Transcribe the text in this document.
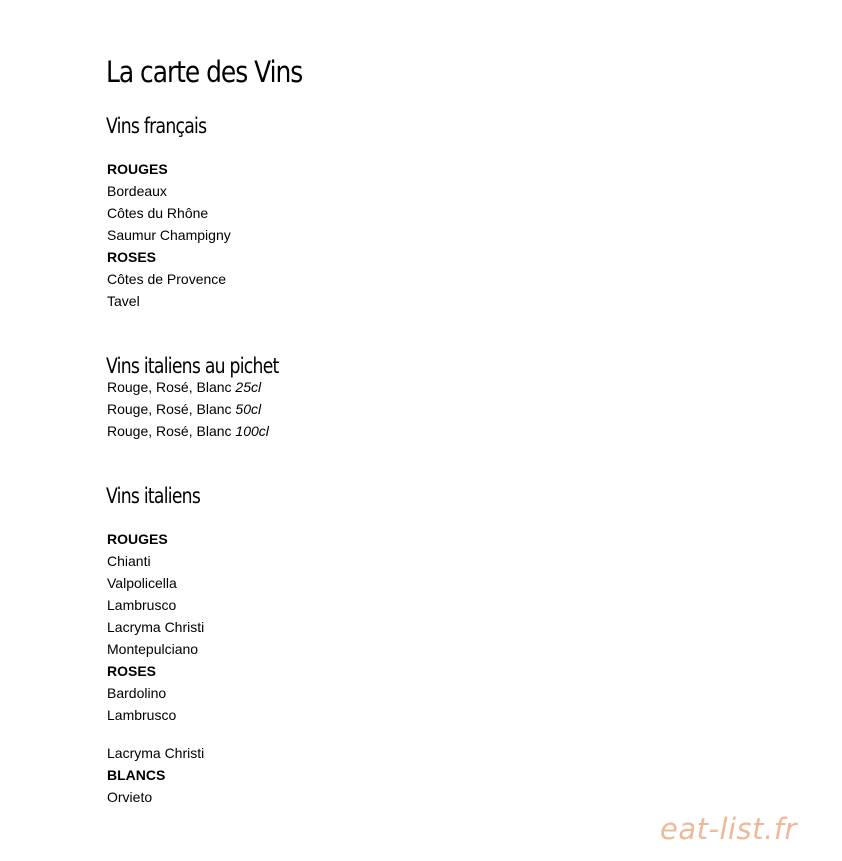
La carte des Vins
Vins français
ROUGES
Bordeaux
Côtes du Rhône
Saumur Champigny
ROSES
Côtes de Provence
Tavel
Vins italiens au pichet
Rouge, Rosé, Blanc 25cl
Rouge, Rosé, Blanc 50cl
Rouge, Rosé, Blanc 100cl
Vins italiens
ROUGES
Chianti
Valpolicella
Lambrusco
Lacryma Christi
Montepulciano
ROSES
Bardolino
Lambrusco
Lacryma Christi
BLANCS
Orvieto
eat-list.fr
